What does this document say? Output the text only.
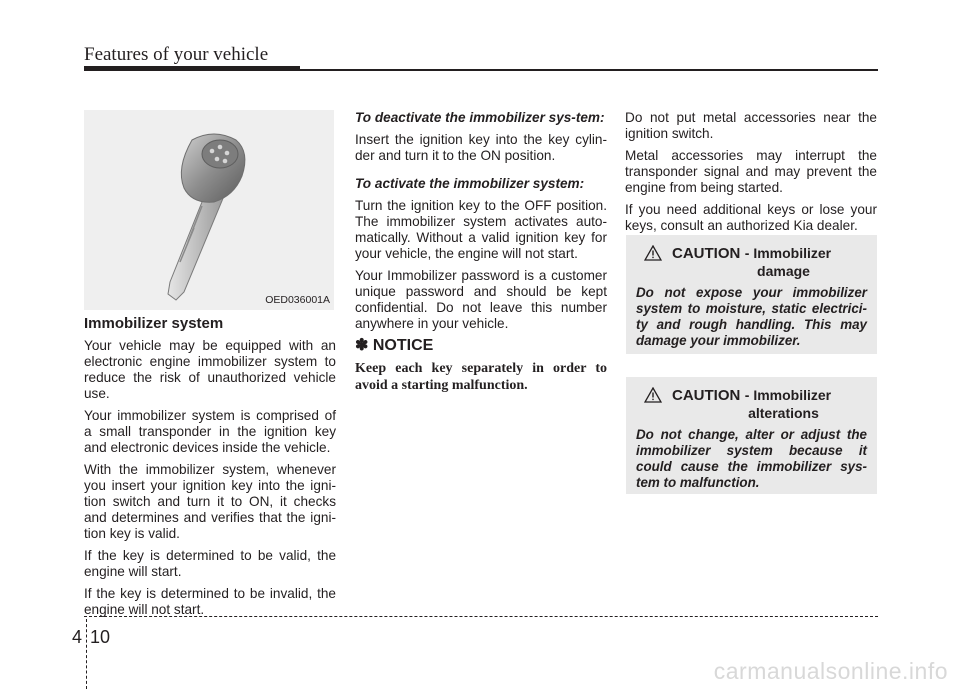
Features of your vehicle
OED036001A

Immobilizer system

Your vehicle may be equipped with an electronic engine immobilizer system to reduce the risk of unauthorized vehicle use.

Your immobilizer system is comprised of a small transponder in the ignition key and electronic devices inside the vehicle.

With the immobilizer system, whenever you insert your ignition key into the igni-tion switch and turn it to ON, it checks and determines and verifies that the igni-tion key is valid.

If the key is determined to be valid, the engine will start.

If the key is determined to be invalid, the engine will not start.

To deactivate the immobilizer sys-tem:

Insert the ignition key into the key cylin-der and turn it to the ON position.

To activate the immobilizer system:

Turn the ignition key to the OFF position. The immobilizer system activates auto-matically. Without a valid ignition key for your vehicle, the engine will not start.

Your Immobilizer password is a customer unique password and should be kept confidential. Do not leave this number anywhere in your vehicle.

✽ NOTICE

Keep each key separately in order to avoid a starting malfunction.

Do not put metal accessories near the ignition switch.

Metal accessories may interrupt the transponder signal and may prevent the engine from being started.

If you need additional keys or lose your keys, consult an authorized Kia dealer.

CAUTION - Immobilizer
damage

Do not expose your immobilizer system to moisture, static electrici-ty and rough handling. This may damage your immobilizer.

CAUTION - Immobilizer
alterations

Do not change, alter or adjust the immobilizer system because it could cause the immobilizer sys-tem to malfunction.

4 10
carmanualsonline.info
